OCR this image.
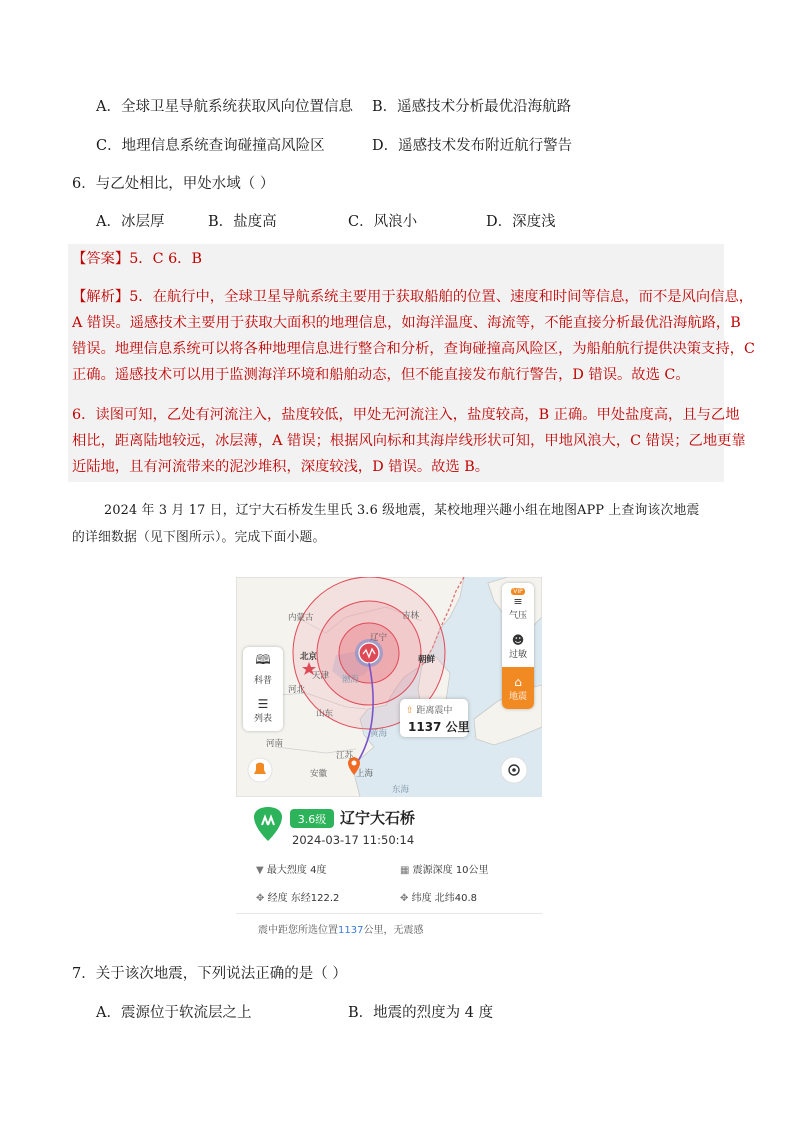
A．全球卫星导航系统获取风向位置信息 B．遥感技术分析最优沿海航路
C．地理信息系统查询碰撞高风险区	D．遥感技术发布附近航行警告
6．与乙处相比，甲处水域（ ）
A．冰层厚	B．盐度高	C．风浪小	D．深度浅
【答案】5．C 6．B
【解析】5．在航行中，全球卫星导航系统主要用于获取船舶的位置、速度和时间等信息，而不是风向信息，
A 错误。遥感技术主要用于获取大面积的地理信息，如海洋温度、海流等，不能直接分析最优沿海航路，B
错误。地理信息系统可以将各种地理信息进行整合和分析，查询碰撞高风险区，为船舶航行提供决策支持，C
正确。遥感技术可以用于监测海洋环境和船舶动态，但不能直接发布航行警告，D 错误。故选 C。
6．读图可知，乙处有河流注入，盐度较低，甲处无河流注入，盐度较高，B 正确。甲处盐度高，且与乙地
相比，距离陆地较远，冰层薄，A 错误；根据风向标和其海岸线形状可知，甲地风浪大，C 错误；乙地更靠
近陆地，且有河流带来的泥沙堆积，深度较浅，D 错误。故选 B。
2024 年 3 月 17 日，辽宁大石桥发生里氏 3.6 级地震，某校地理兴趣小组在地图APP 上查询该次地震
的详细数据（见下图所示）。完成下面小题。
内蒙古	吉林
辽宁
北京
天津 渤海
朝鲜
河北
山东
黄海
河南
江苏
安徽	上海
东海
🕮
科普
☰
列表
VIP
≡
气压
☻
过敏
⌂
地震
⇧ 距离震中
1137 公里
3.6级 辽宁大石桥
2024-03-17 11:50:14
▼ 最大烈度 4度	▦ 震源深度 10公里
✥ 经度 东经122.2	✥ 纬度 北纬40.8
震中距您所选位置1137公里，无震感
7．关于该次地震，下列说法正确的是（ ）
A．震源位于软流层之上	B．地震的烈度为 4 度
